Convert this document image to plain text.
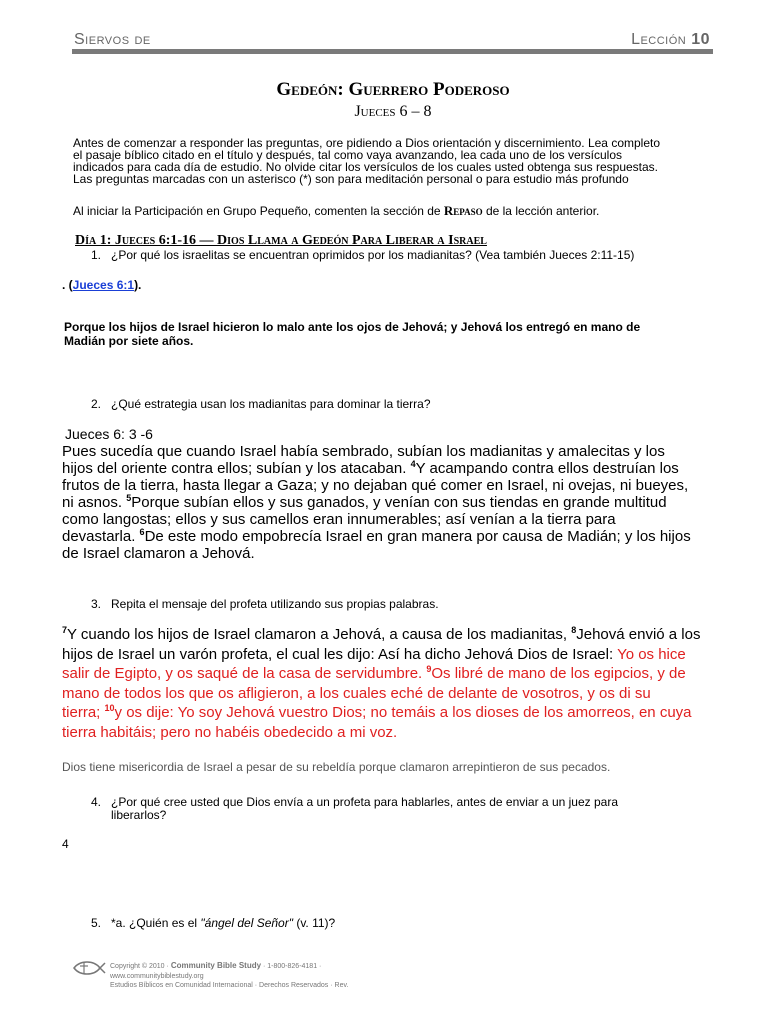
Siervos de	Lección 10
Gedeón: Guerrero Poderoso
Jueces 6 – 8
Antes de comenzar a responder las preguntas, ore pidiendo a Dios orientación y discernimiento. Lea completo
el pasaje bíblico citado en el título y después, tal como vaya avanzando, lea cada uno de los versículos
indicados para cada día de estudio. No olvide citar los versículos de los cuales usted obtenga sus respuestas.
Las preguntas marcadas con un asterisco (*) son para meditación personal o para estudio más profundo
Al iniciar la Participación en Grupo Pequeño, comenten la sección de Repaso de la lección anterior.
Día 1: Jueces 6:1-16 — Dios Llama a Gedeón Para Liberar a Israel
1. ¿Por qué los israelitas se encuentran oprimidos por los madianitas? (Vea también Jueces 2:11-15)
. (Jueces 6:1).
Porque los hijos de Israel hicieron lo malo ante los ojos de Jehová; y Jehová los entregó en mano de
Madián por siete años.
2. ¿Qué estrategia usan los madianitas para dominar la tierra?
Jueces 6: 3 -6
Pues sucedía que cuando Israel había sembrado, subían los madianitas y amalecitas y los
hijos del oriente contra ellos; subían y los atacaban. $^4$Y acampando contra ellos destruían los
frutos de la tierra, hasta llegar a Gaza; y no dejaban qué comer en Israel, ni ovejas, ni bueyes,
ni asnos. $^5$Porque subían ellos y sus ganados, y venían con sus tiendas en grande multitud
como langostas; ellos y sus camellos eran innumerables; así venían a la tierra para
devastarla. $^6$De este modo empobrecía Israel en gran manera por causa de Madián; y los hijos
de Israel clamaron a Jehová.
3. Repita el mensaje del profeta utilizando sus propias palabras.
$^7$Y cuando los hijos de Israel clamaron a Jehová, a causa de los madianitas, $^8$Jehová envió a los
hijos de Israel un varón profeta, el cual les dijo: Así ha dicho Jehová Dios de Israel: Yo os hice
salir de Egipto, y os saqué de la casa de servidumbre. $^9$Os libré de mano de los egipcios, y de
mano de todos los que os afligieron, a los cuales eché de delante de vosotros, y os di su
tierra; $^{10}$y os dije: Yo soy Jehová vuestro Dios; no temáis a los dioses de los amorreos, en cuya
tierra habitáis; pero no habéis obedecido a mi voz.
Dios tiene misericordia de Israel a pesar de su rebeldía porque clamaron arrepintieron de sus pecados.
4. ¿Por qué cree usted que Dios envía a un profeta para hablarles, antes de enviar a un juez para
liberarlos?
4
5. *a. ¿Quién es el "ángel del Señor" (v. 11)?
Copyright © 2010 · Community Bible Study · 1-800-826-4181 ·
www.communitybiblestudy.org
Estudios Bíblicos en Comunidad Internacional · Derechos Reservados · Rev.
